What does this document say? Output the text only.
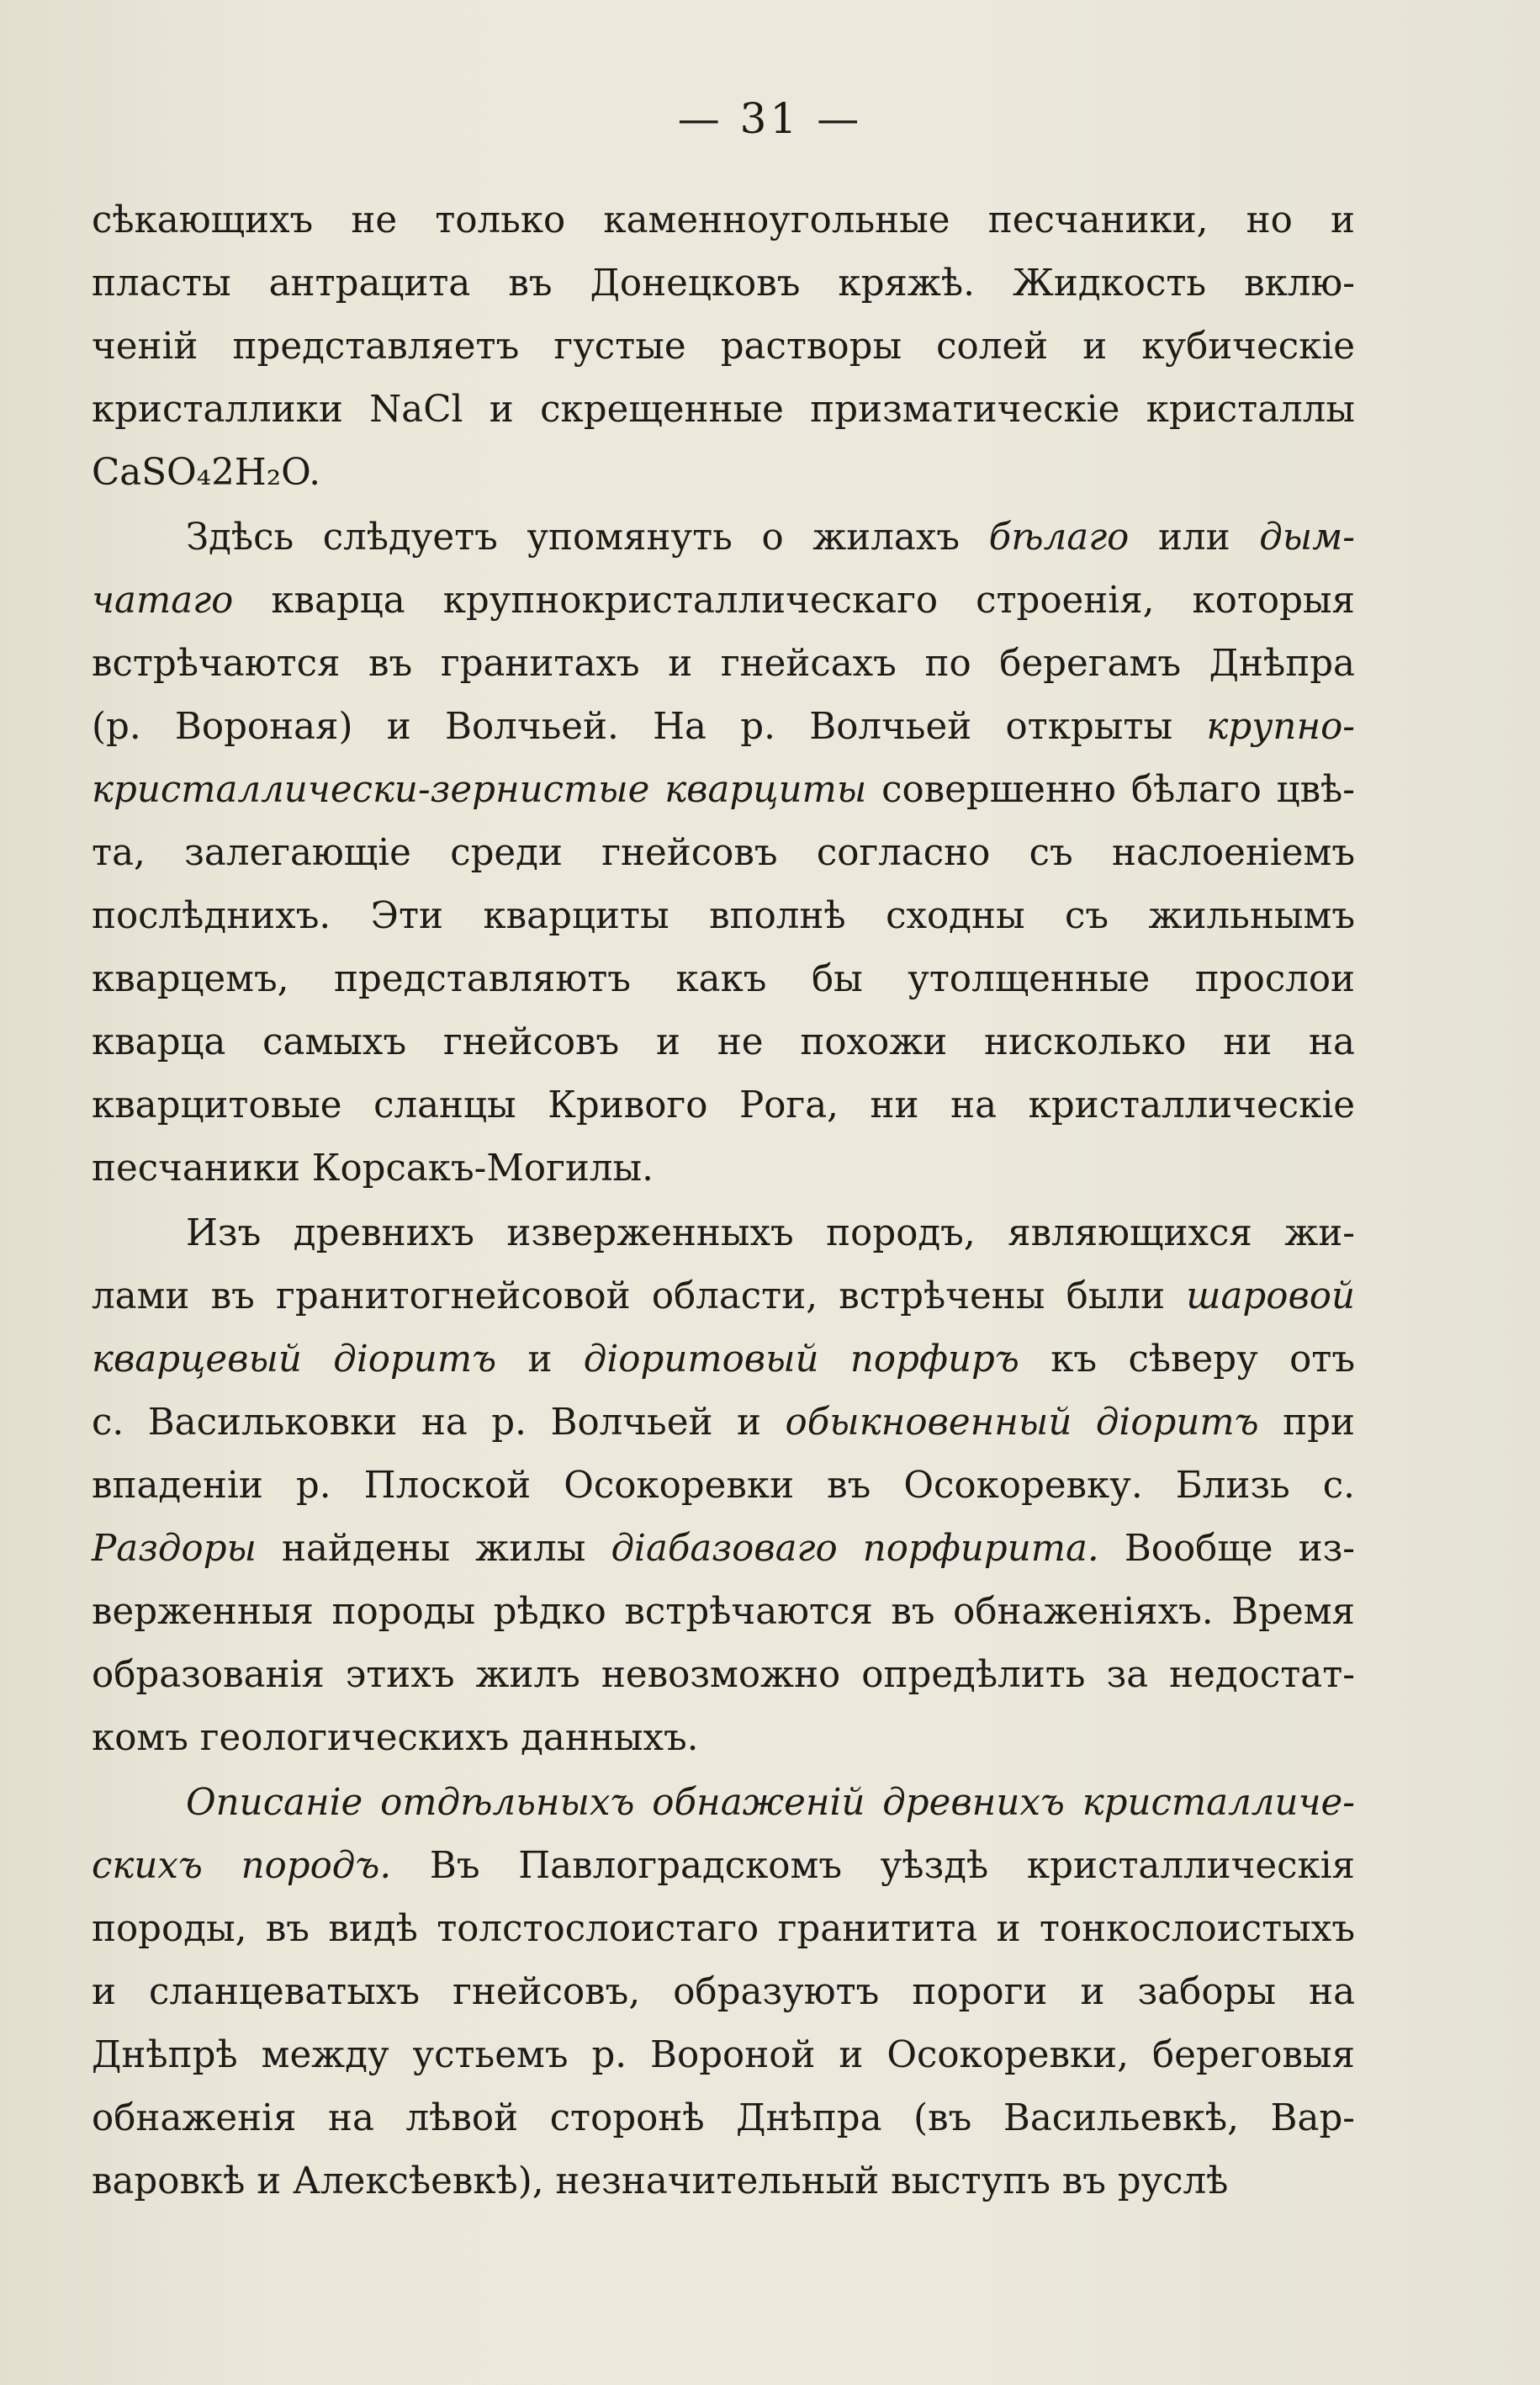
— 31 —
сѣкающихъ не только каменноугольные песчаники, но и
пласты антрацита въ Донецковъ кряжѣ. Жидкость вклю-
ченій представляетъ густые растворы солей и кубическіе
кристаллики NaCl и скрещенные призматическіе кристаллы
CaSO₄2H₂O.
Здѣсь слѣдуетъ упомянуть о жилахъ бѣлаго или дым-
чатаго кварца крупнокристаллическаго строенія, которыя
встрѣчаются въ гранитахъ и гнейсахъ по берегамъ Днѣпра
(р. Вороная) и Волчьей. На р. Волчьей открыты крупно-
кристаллически-зернистые кварциты совершенно бѣлаго цвѣ-
та, залегающіе среди гнейсовъ согласно съ наслоеніемъ
послѣднихъ. Эти кварциты вполнѣ сходны съ жильнымъ
кварцемъ, представляютъ какъ бы утолщенные прослои
кварца самыхъ гнейсовъ и не похожи нисколько ни на
кварцитовые сланцы Кривого Рога, ни на кристаллическіе
песчаники Корсакъ-Могилы.
Изъ древнихъ изверженныхъ породъ, являющихся жи-
лами въ гранитогнейсовой области, встрѣчены были шаровой
кварцевый діоритъ и діоритовый порфиръ къ сѣверу отъ
с. Васильковки на р. Волчьей и обыкновенный діоритъ при
впаденіи р. Плоской Осокоревки въ Осокоревку. Близь с.
Раздоры найдены жилы діабазоваго порфирита. Вообще из-
верженныя породы рѣдко встрѣчаются въ обнаженіяхъ. Время
образованія этихъ жилъ невозможно опредѣлить за недостат-
комъ геологическихъ данныхъ.
Описаніе отдѣльныхъ обнаженій древнихъ кристалличе-
скихъ породъ. Въ Павлоградскомъ уѣздѣ кристаллическія
породы, въ видѣ толстослоистаго гранитита и тонкослоистыхъ
и сланцеватыхъ гнейсовъ, образуютъ пороги и заборы на
Днѣпрѣ между устьемъ р. Вороной и Осокоревки, береговыя
обнаженія на лѣвой сторонѣ Днѣпра (въ Васильевкѣ, Вар-
варовкѣ и Алексѣевкѣ), незначительный выступъ въ руслѣ
